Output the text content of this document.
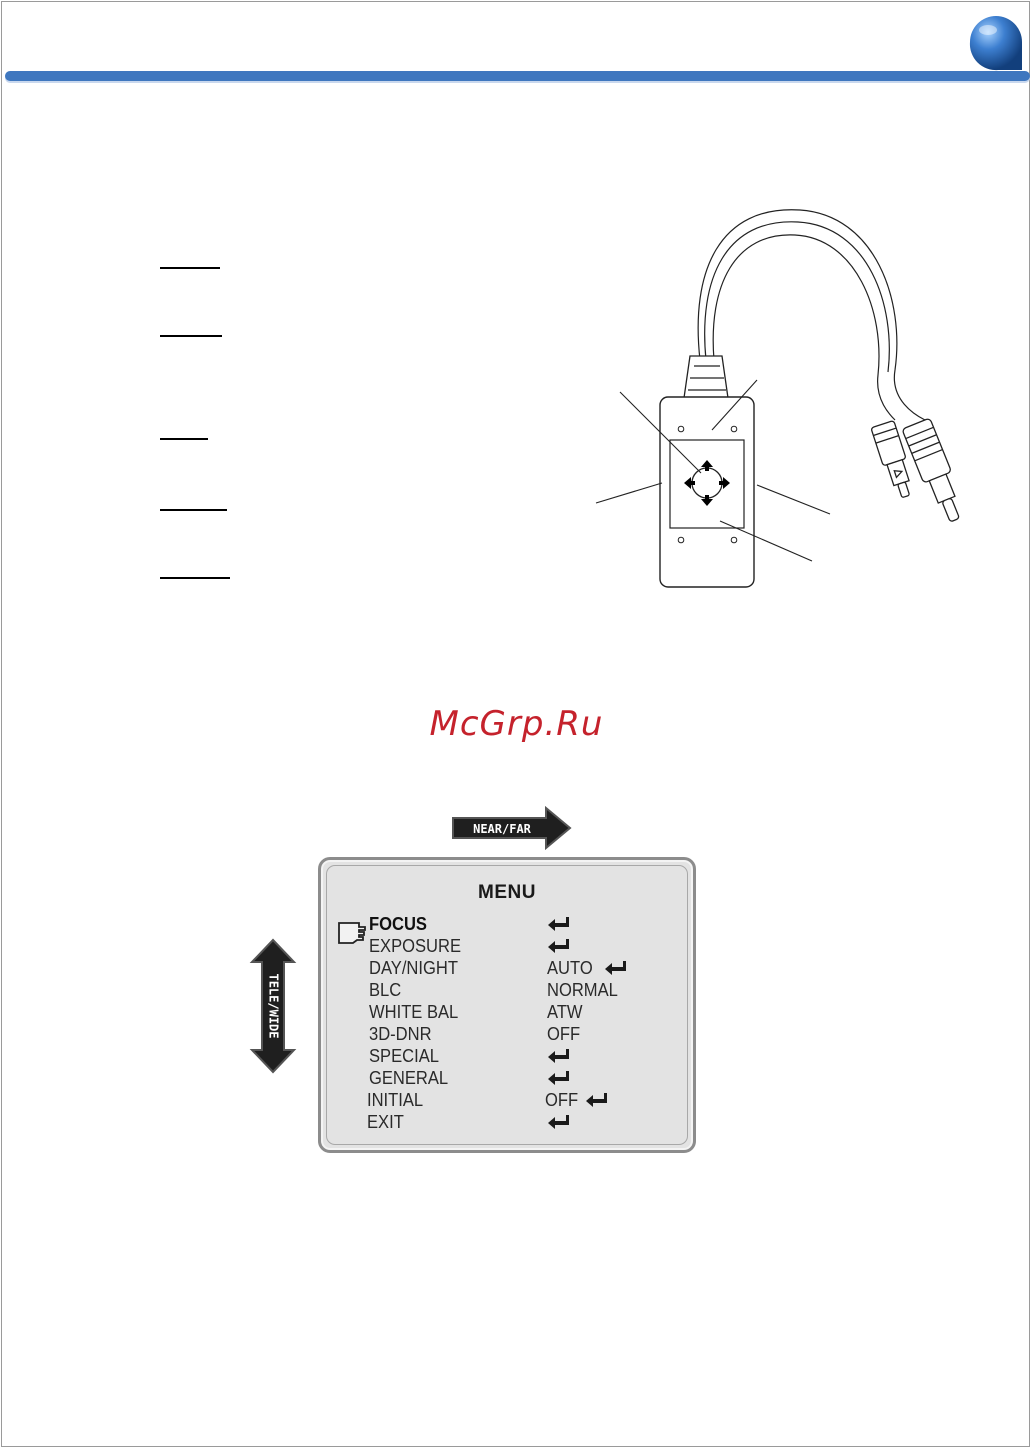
McGrp.Ru
NEAR/FAR
TELE/WIDE
MENU
FOCUS
EXPOSURE
DAY/NIGHT	AUTO
BLC	NORMAL
WHITE BAL	ATW
3D-DNR	OFF
SPECIAL
GENERAL
INITIAL	OFF
EXIT
